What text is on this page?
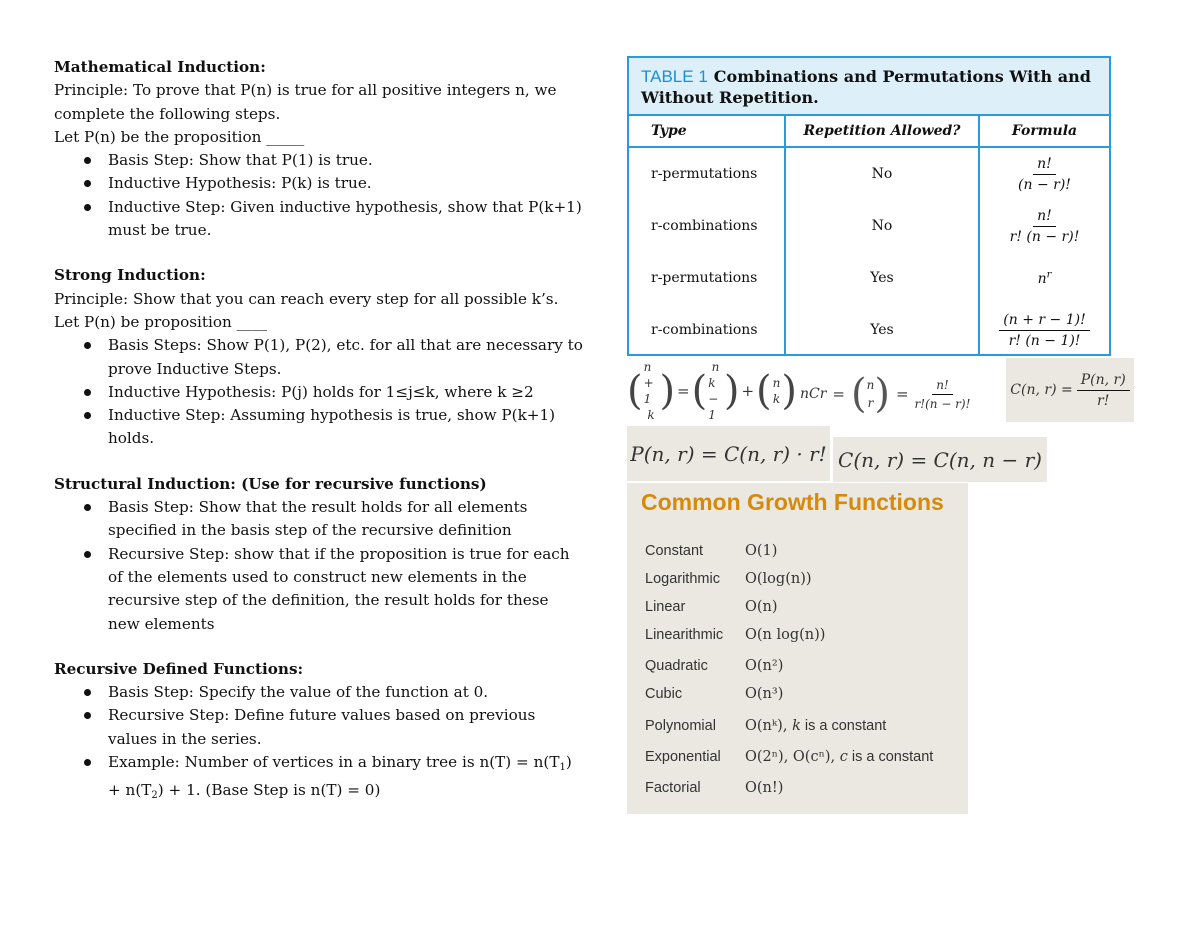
Mathematical Induction:

Principle: To prove that P(n) is true for all positive integers n, we complete the following steps.

Let P(n) be the proposition _____

Basis Step: Show that P(1) is true.
Inductive Hypothesis: P(k) is true.
Inductive Step: Given inductive hypothesis, show that P(k+1) must be true.

Strong Induction:

Principle: Show that you can reach every step for all possible k’s.

Let P(n) be proposition ____

Basis Steps: Show P(1), P(2), etc. for all that are necessary to prove Inductive Steps.
Inductive Hypothesis: P(j) holds for 1≤j≤k, where k ≥2
Inductive Step: Assuming hypothesis is true, show P(k+1) holds.

Structural Induction: (Use for recursive functions)

Basis Step: Show that the result holds for all elements specified in the basis step of the recursive definition
Recursive Step: show that if the proposition is true for each of the elements used to construct new elements in the recursive step of the definition, the result holds for these new elements

Recursive Defined Functions:

Basis Step: Specify the value of the function at 0.
Recursive Step: Define future values based on previous values in the series.
Example: Number of vertices in a binary tree is $n(T) = n(T_1) + n(T_2) + 1$. (Base Step is n(T) = 0)
TABLE 1 Combinations and Permutations With and Without Repetition.
Type	Repetition Allowed?	Formula
r-permutations	No	$\frac{n!}{(n - r)!}$

r-combinations	No	$\frac{n!}{r! (n - r)!}$

r-permutations	Yes	$n^r$
r-combinations	Yes	$\frac{(n + r - 1)!}{r! (n - 1)!}$
(
n + 1
k
) = (
n
k − 1
) + ( n
k ) nCr = ( n
r ) = $\frac{n!}{r!(n - r)!}$	C(n, $r) = \frac{P(n, r)}{r!}$
P(n, r) = C(n, r) · r! C(n, r) = C(n, n − r)
Common Growth Functions
Constant	O(1)
Logarithmic O(log(n))
Linear	O(n)
Linearithmic O(n log(n))
Quadratic	O(n²)
Cubic	O(n³)
Polynomial O(nᵏ), k is a constant
Exponential O(2ⁿ), O(cⁿ), c is a constant
Factorial	O(n!)
